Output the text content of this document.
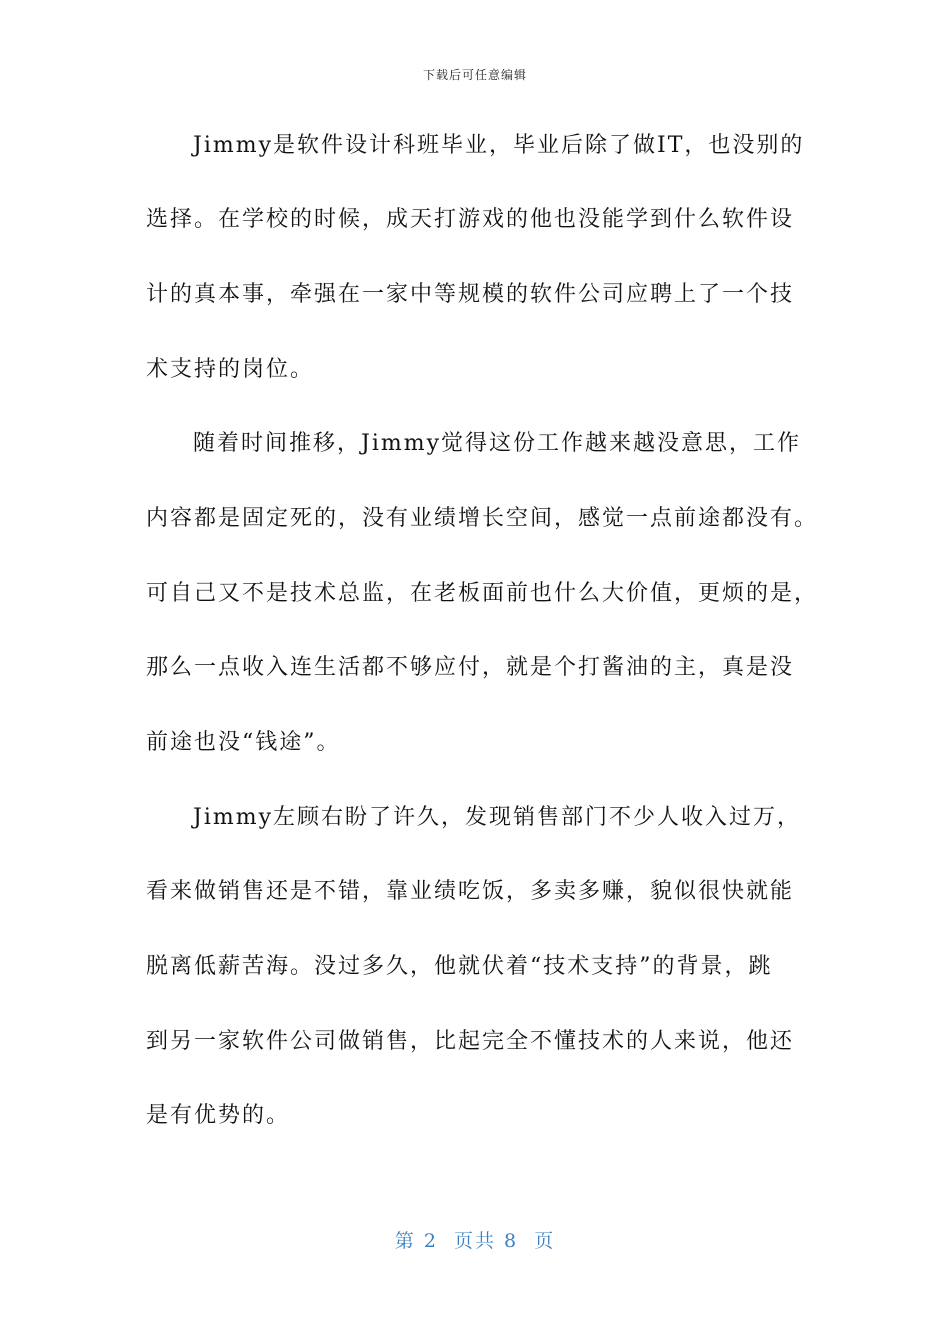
下载后可任意编辑
Jimmy是软件设计科班毕业，毕业后除了做IT，也没别的
选择。在学校的时候，成天打游戏的他也没能学到什么软件设
计的真本事，牵强在一家中等规模的软件公司应聘上了一个技
术支持的岗位。
随着时间推移，Jimmy觉得这份工作越来越没意思，工作
内容都是固定死的，没有业绩增长空间，感觉一点前途都没有。
可自己又不是技术总监，在老板面前也什么大价值，更烦的是，
那么一点收入连生活都不够应付，就是个打酱油的主，真是没
前途也没“钱途”。
Jimmy左顾右盼了许久，发现销售部门不少人收入过万，
看来做销售还是不错，靠业绩吃饭，多卖多赚，貌似很快就能
脱离低薪苦海。没过多久，他就伏着“技术支持”的背景，跳
到另一家软件公司做销售，比起完全不懂技术的人来说，他还
是有优势的。
第 2  页共 8  页
